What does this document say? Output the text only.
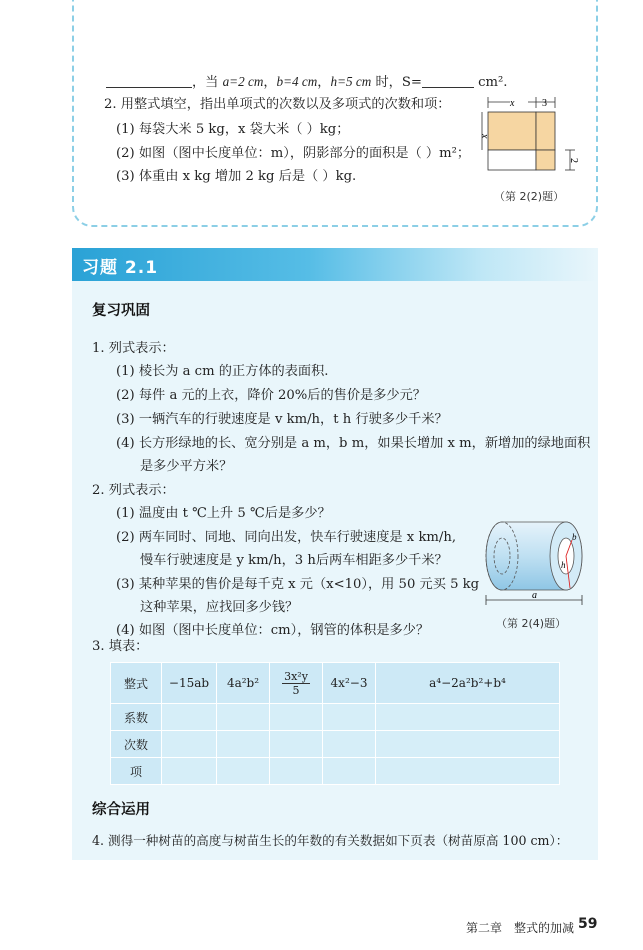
，当 a=2 cm，b=4 cm，h=5 cm 时，S=	cm².
2. 用整式填空，指出单项式的次数以及多项式的次数和项：
(1) 每袋大米 5 kg，x 袋大米（ ）kg；
(2) 如图（图中长度单位：m），阴影部分的面积是（ ）m²；
(3) 体重由 x kg 增加 2 kg 后是（ ）kg.
x	3
x
2
（第 2(2)题）
习题 2.1
复习巩固
1. 列式表示：
(1) 棱长为 a cm 的正方体的表面积.
(2) 每件 a 元的上衣，降价 20%后的售价是多少元？
(3) 一辆汽车的行驶速度是 v km/h，t h 行驶多少千米？
(4) 长方形绿地的长、宽分别是 a m，b m，如果长增加 x m，新增加的绿地面积
是多少平方米？
2. 列式表示：
(1) 温度由 t ℃上升 5 ℃后是多少？
(2) 两车同时、同地、同向出发，快车行驶速度是 x km/h,
慢车行驶速度是 y km/h，3 h后两车相距多少千米？
(3) 某种苹果的售价是每千克 x 元（x<10），用 50 元买 5 kg
这种苹果，应找回多少钱？
(4) 如图（图中长度单位：cm），钢管的体积是多少？
b
h
a
（第 2(4)题）
3. 填表：
整式	−15ab	4a²b²	$\frac{\text{3x²y}}{5}$	4x²−3	a⁴−2a²b²+b⁴
系数					
次数					
项					
综合运用
4. 测得一种树苗的高度与树苗生长的年数的有关数据如下页表（树苗原高 100 cm）：
第二章　整式的加减 59
